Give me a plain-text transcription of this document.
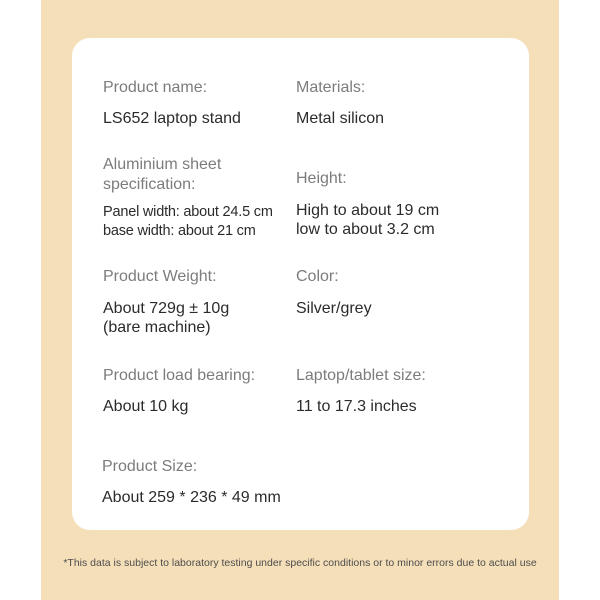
Product name:
LS652 laptop stand
Materials:
Metal silicon
Aluminium sheet
specification:
Panel width: about 24.5 cm
base width: about 21 cm
Height:
High to about 19 cm
low to about 3.2 cm
Product Weight:
About 729g ± 10g
(bare machine)
Color:
Silver/grey
Product load bearing:
About 10 kg
Laptop/tablet size:
11 to 17.3 inches
Product Size:
About 259 * 236 * 49 mm
*This data is subject to laboratory testing under specific conditions or to minor errors due to actual use
